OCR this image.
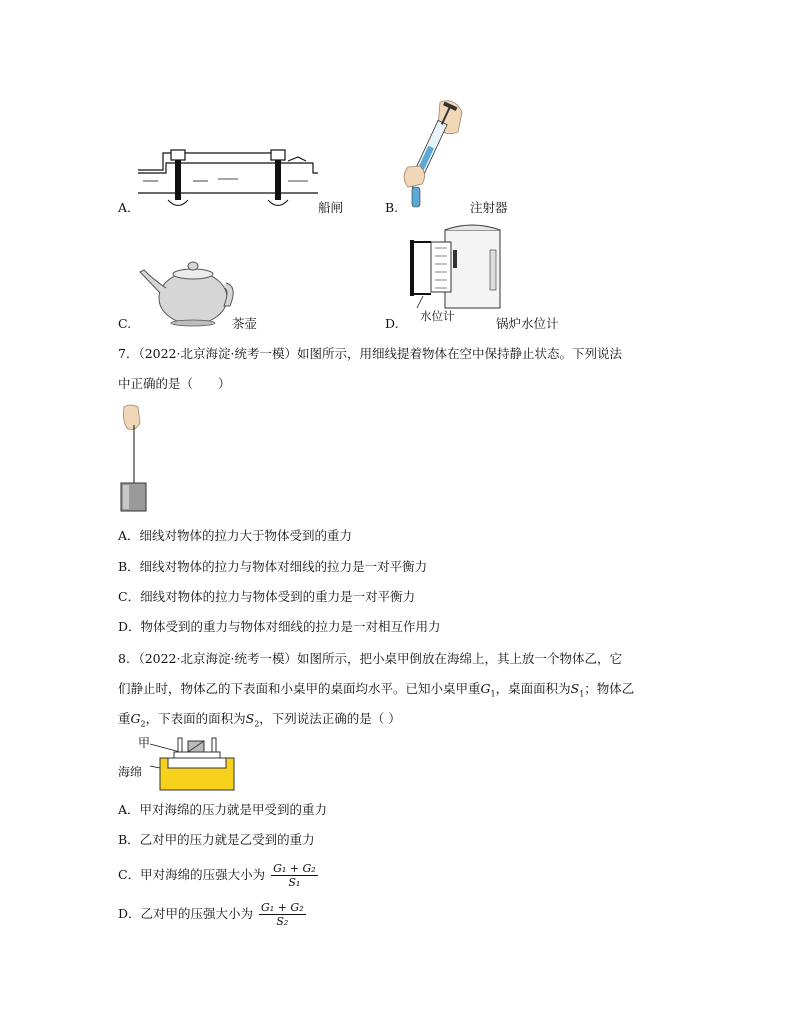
A.	船闸	B.	注射器
C.	茶壶	D. 水位计	锅炉水位计
7．（2022·北京海淀·统考一模）如图所示，用细线提着物体在空中保持静止状态。下列说法
中正确的是（　　）
A．细线对物体的拉力大于物体受到的重力
B．细线对物体的拉力与物体对细线的拉力是一对平衡力
C．细线对物体的拉力与物体受到的重力是一对平衡力
D．物体受到的重力与物体对细线的拉力是一对相互作用力
8．（2022·北京海淀·统考一模）如图所示，把小桌甲倒放在海绵上，其上放一个物体乙，它
们静止时，物体乙的下表面和小桌甲的桌面均水平。已知小桌甲重$G_1$，桌面面积为$S_1$；物体乙
重$G_2$，下表面的面积为$S_2$，下列说法正确的是（ ）
甲
海绵
A．甲对海绵的压力就是甲受到的重力
B．乙对甲的压力就是乙受到的重力
C．甲对海绵的压强大小为 $\frac{\text{G₁ + G₂}}{\text{S₁}}$
D．乙对甲的压强大小为 $\frac{\text{G₁ + G₂}}{\text{S₂}}$
